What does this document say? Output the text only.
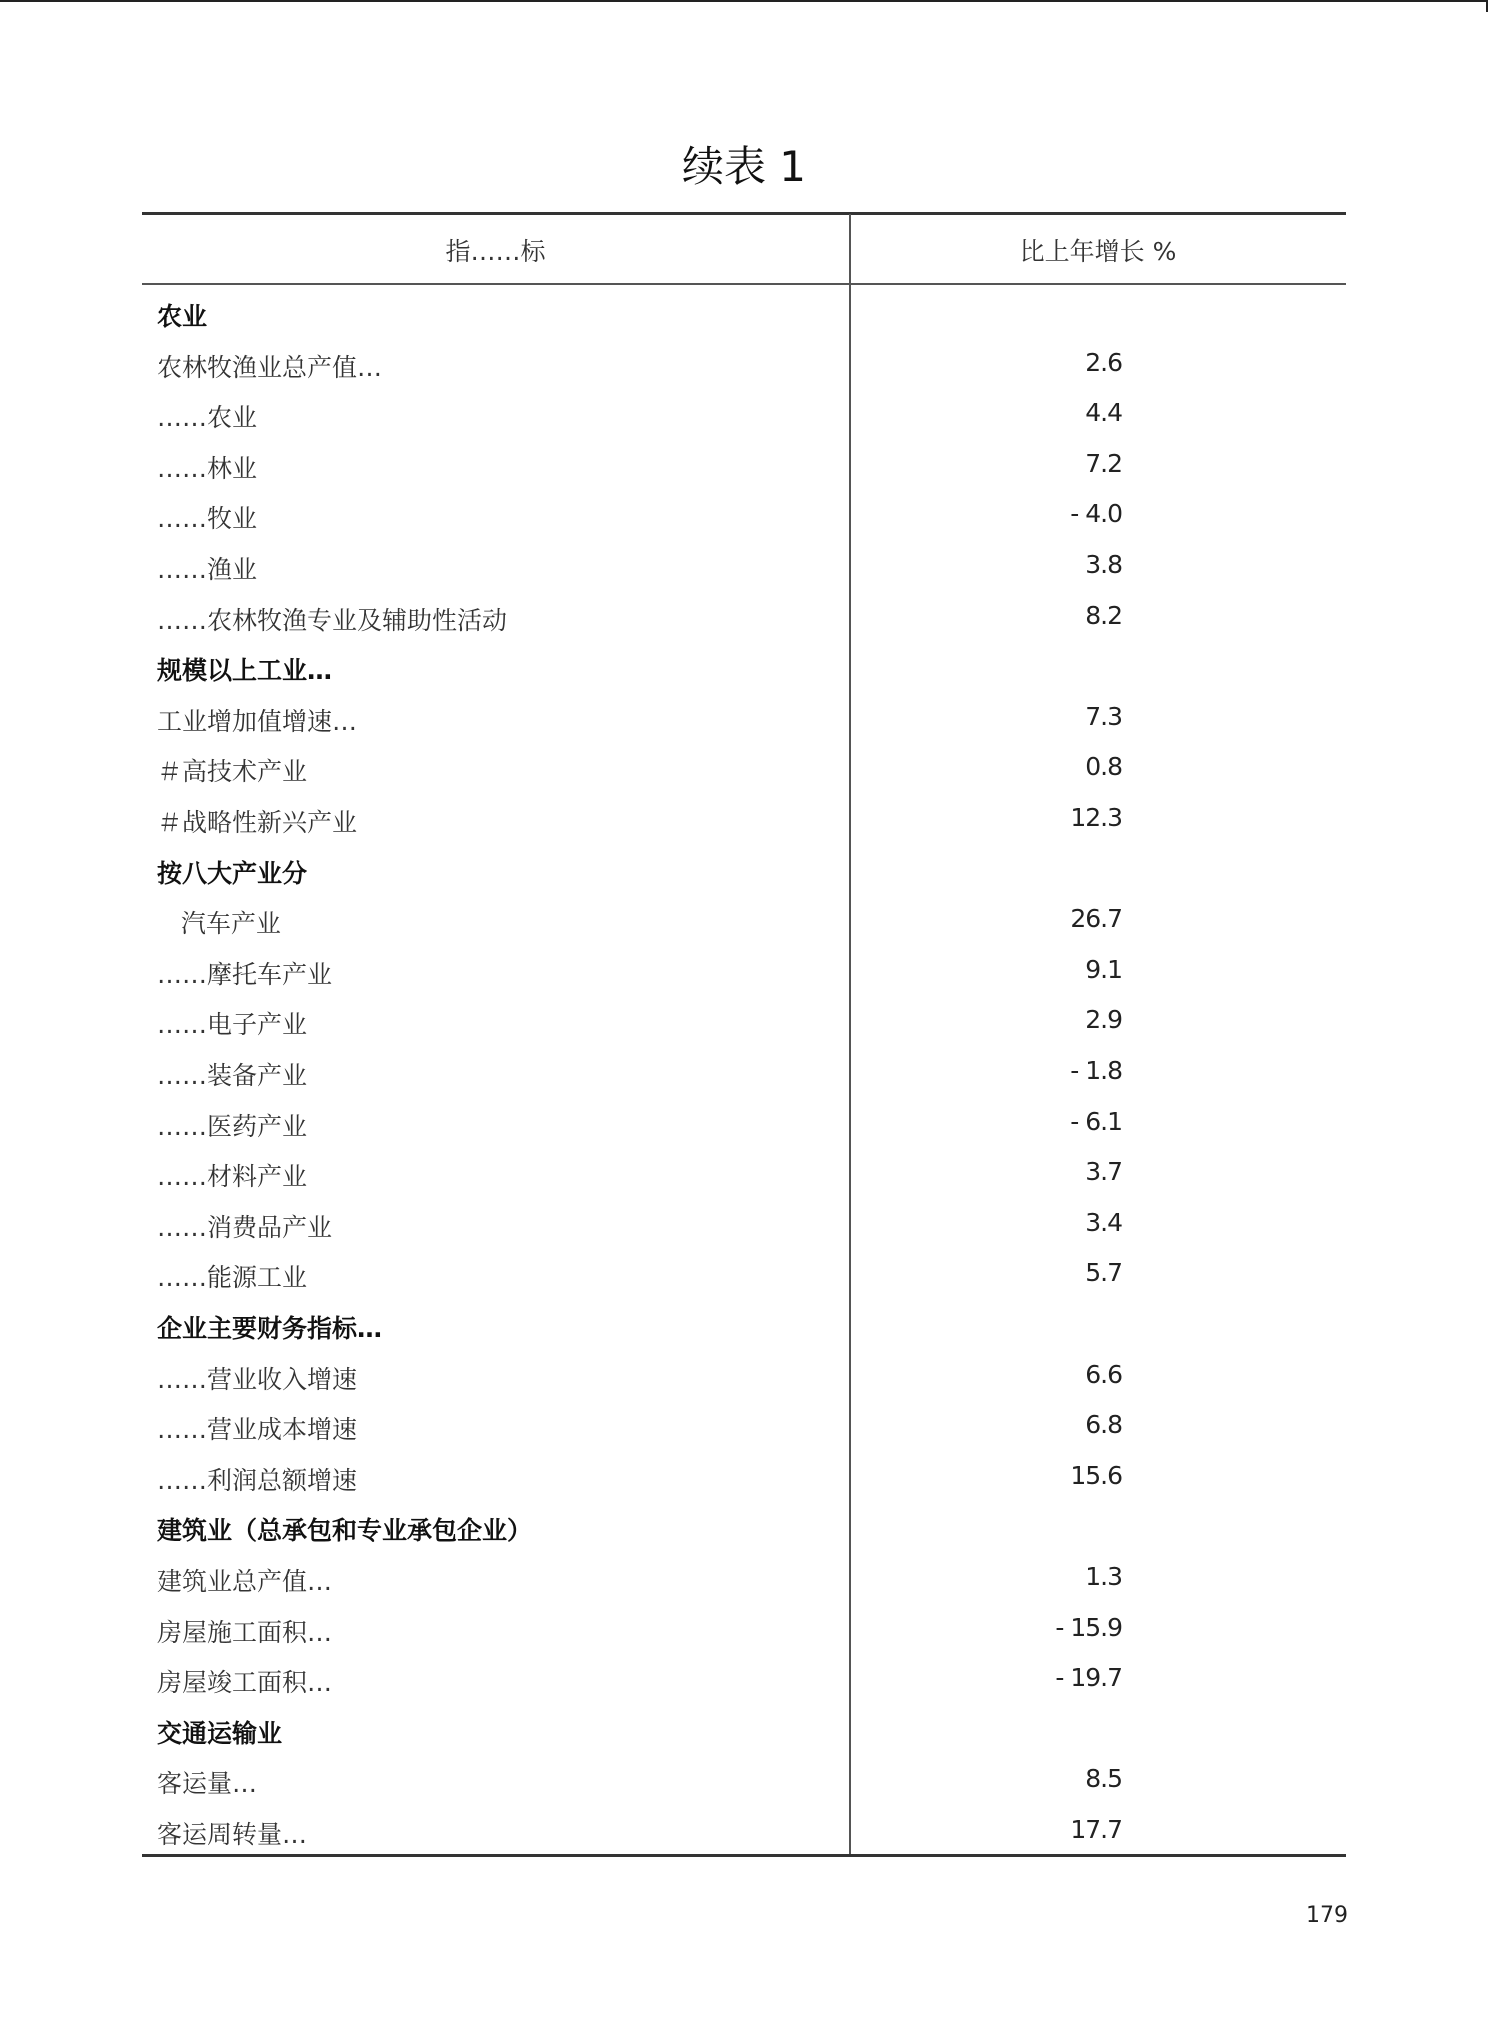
续表 1
指……标	比上年增长 %
农业
农林牧渔业总产值…	2.6
……农业	4.4
……林业	7.2
……牧业	- 4.0
……渔业	3.8
……农林牧渔专业及辅助性活动	8.2
规模以上工业…
工业增加值增速…	7.3
＃高技术产业	0.8
＃战略性新兴产业	12.3
按八大产业分
汽车产业	26.7
……摩托车产业	9.1
……电子产业	2.9
……装备产业	- 1.8
……医药产业	- 6.1
……材料产业	3.7
……消费品产业	3.4
……能源工业	5.7
企业主要财务指标…
……营业收入增速	6.6
……营业成本增速	6.8
……利润总额增速	15.6
建筑业（总承包和专业承包企业）
建筑业总产值…	1.3
房屋施工面积…	- 15.9
房屋竣工面积…	- 19.7
交通运输业
客运量…	8.5
客运周转量…	17.7
179
